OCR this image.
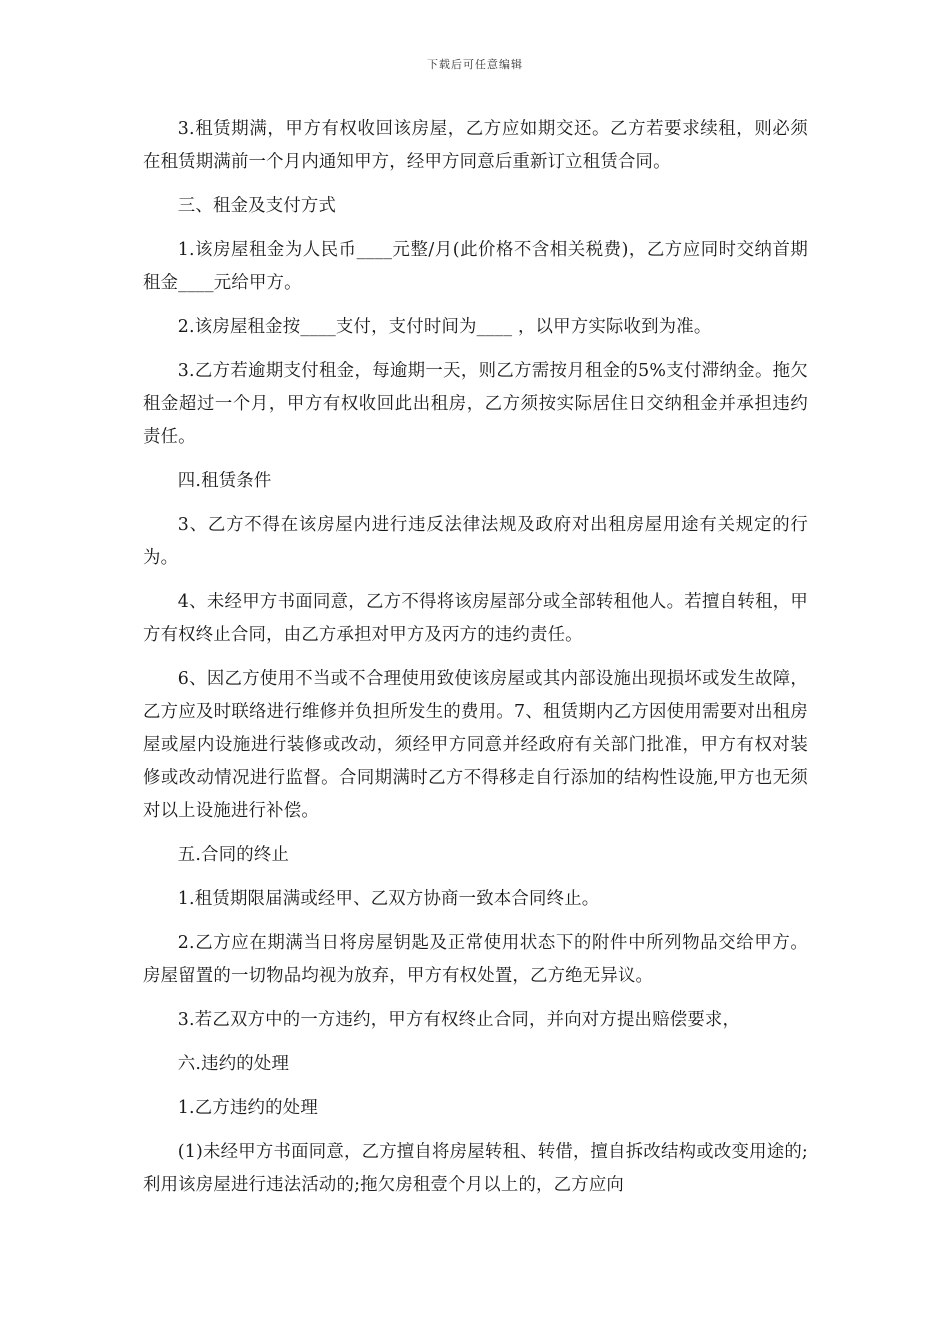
下载后可任意编辑

3.租赁期满，甲方有权收回该房屋，乙方应如期交还。乙方若要求续租，则必须在租赁期满前一个月内通知甲方，经甲方同意后重新订立租赁合同。

三、租金及支付方式

1.该房屋租金为人民币____元整/月(此价格不含相关税费)，乙方应同时交纳首期租金____元给甲方。

2.该房屋租金按____支付，支付时间为____ ，以甲方实际收到为准。

3.乙方若逾期支付租金，每逾期一天，则乙方需按月租金的5%支付滞纳金。拖欠租金超过一个月，甲方有权收回此出租房，乙方须按实际居住日交纳租金并承担违约责任。

四.租赁条件

3、乙方不得在该房屋内进行违反法律法规及政府对出租房屋用途有关规定的行为。

4、未经甲方书面同意，乙方不得将该房屋部分或全部转租他人。若擅自转租，甲方有权终止合同，由乙方承担对甲方及丙方的违约责任。

6、因乙方使用不当或不合理使用致使该房屋或其内部设施出现损坏或发生故障，乙方应及时联络进行维修并负担所发生的费用。7、租赁期内乙方因使用需要对出租房屋或屋内设施进行装修或改动，须经甲方同意并经政府有关部门批准，甲方有权对装修或改动情况进行监督。合同期满时乙方不得移走自行添加的结构性设施,甲方也无须对以上设施进行补偿。

五.合同的终止

1.租赁期限届满或经甲、乙双方协商一致本合同终止。

2.乙方应在期满当日将房屋钥匙及正常使用状态下的附件中所列物品交给甲方。房屋留置的一切物品均视为放弃，甲方有权处置，乙方绝无异议。

3.若乙双方中的一方违约，甲方有权终止合同，并向对方提出赔偿要求，

六.违约的处理

1.乙方违约的处理

(1)未经甲方书面同意，乙方擅自将房屋转租、转借，擅自拆改结构或改变用途的;利用该房屋进行违法活动的;拖欠房租壹个月以上的，乙方应向
